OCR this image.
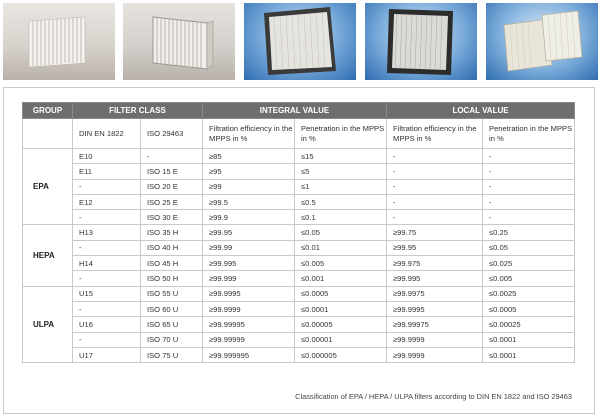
GROUP	FILTER CLASS		INTEGRAL VALUE		LOCAL VALUE	
	DIN EN 1822	ISO 29463	Filtration efficiency in the MPPS in %	Penetration in the MPPS in %	Filtration efficiency in the MPPS in %	Penetration in the MPPS in %
EPA	E10	-	≥85	≤15	-	-
	E11	ISO 15 E	≥95	≤5	-	-
	-	ISO 20 E	≥99	≤1	-	-
	E12	ISO 25 E	≥99.5	≤0.5	-	-
	-	ISO 30 E	≥99.9	≤0.1	-	-
HEPA	H13	ISO 35 H	≥99.95	≤0.05	≥99.75	≤0.25
	-	ISO 40 H	≥99.99	≤0.01	≥99.95	≤0.05
	H14	ISO 45 H	≥99.995	≤0.005	≥99.975	≤0.025
	-	ISO 50 H	≥99.999	≤0.001	≥99.995	≤0.005
ULPA	U15	ISO 55 U	≥99.9995	≤0.0005	≥99.9975	≤0.0025
	-	ISO 60 U	≥99.9999	≤0.0001	≥99.9995	≤0.0005
	U16	ISO 65 U	≥99.99995	≤0.00005	≥99.99975	≤0.00025
	-	ISO 70 U	≥99.99999	≤0.00001	≥99.9999	≤0.0001
	U17	ISO 75 U	≥99.999995	≤0.000005	≥99.9999	≤0.0001
Classification of EPA / HEPA / ULPA filters according to DIN EN 1822 and ISO 29463
